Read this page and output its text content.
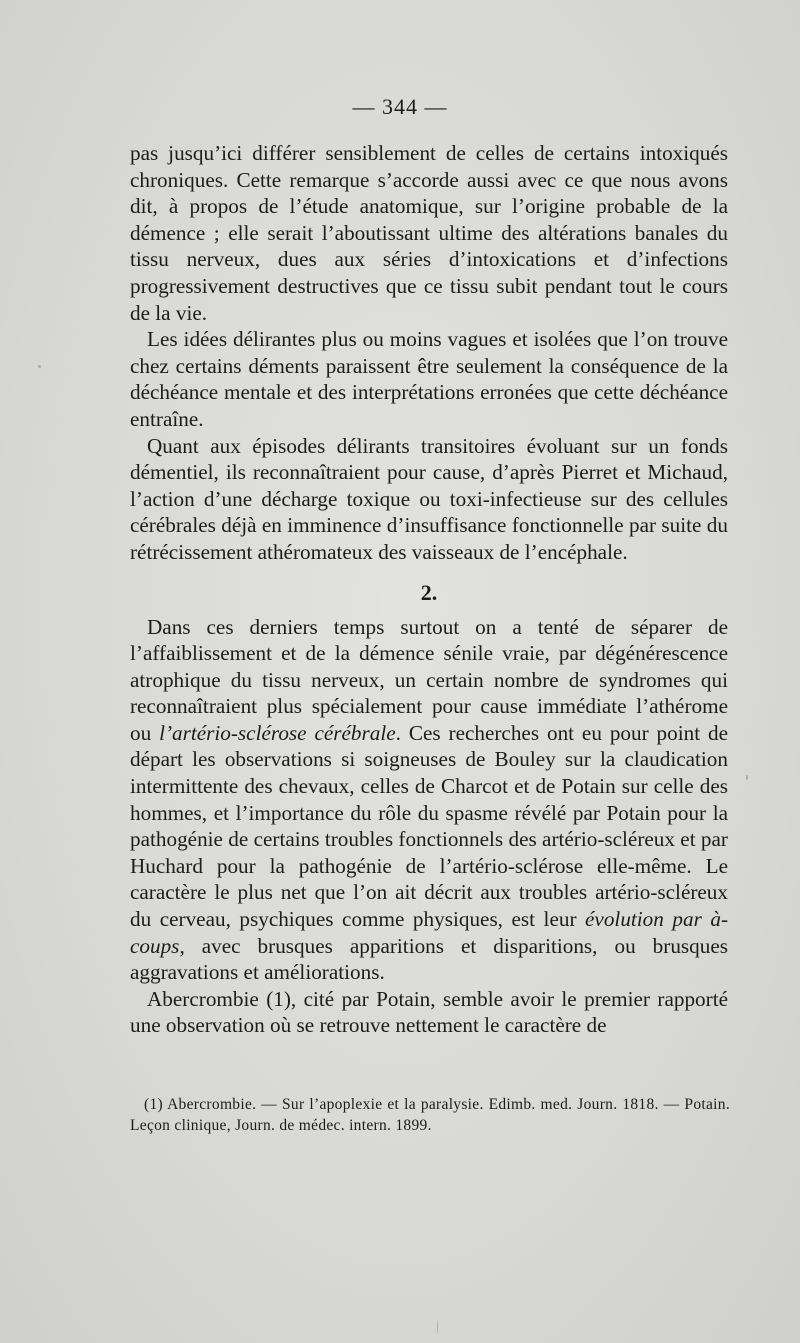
— 344 —

pas jusqu’ici différer sensiblement de celles de certains intoxiqués chroniques. Cette remarque s’accorde aussi avec ce que nous avons dit, à propos de l’étude anatomique, sur l’origine probable de la démence ; elle serait l’aboutissant ultime des altérations banales du tissu nerveux, dues aux séries d’intoxications et d’infections progressivement destructives que ce tissu subit pendant tout le cours de la vie.

Les idées délirantes plus ou moins vagues et isolées que l’on trouve chez certains déments paraissent être seulement la conséquence de la déchéance mentale et des interprétations erronées que cette déchéance entraîne.

Quant aux épisodes délirants transitoires évoluant sur un fonds démentiel, ils reconnaîtraient pour cause, d’après Pierret et Michaud, l’action d’une décharge toxique ou toxi-infectieuse sur des cellules cérébrales déjà en imminence d’insuffisance fonctionnelle par suite du rétrécissement athéromateux des vaisseaux de l’encéphale.

2.

Dans ces derniers temps surtout on a tenté de séparer de l’affaiblissement et de la démence sénile vraie, par dégénérescence atrophique du tissu nerveux, un certain nombre de syndromes qui reconnaîtraient plus spécialement pour cause immédiate l’athérome ou l’artério-sclérose cérébrale. Ces recherches ont eu pour point de départ les observations si soigneuses de Bouley sur la claudication intermittente des chevaux, celles de Charcot et de Potain sur celle des hommes, et l’importance du rôle du spasme révélé par Potain pour la pathogénie de certains troubles fonctionnels des artério-scléreux et par Huchard pour la pathogénie de l’artério-sclérose elle-même. Le caractère le plus net que l’on ait décrit aux troubles artério-scléreux du cerveau, psychiques comme physiques, est leur évolution par à-coups, avec brusques apparitions et disparitions, ou brusques aggravations et améliorations.

Abercrombie (1), cité par Potain, semble avoir le premier rapporté une observation où se retrouve nettement le caractère de

(1) Abercrombie. — Sur l’apoplexie et la paralysie. Edimb. med. Journ. 1818. — Potain. Leçon clinique, Journ. de médec. intern. 1899.
